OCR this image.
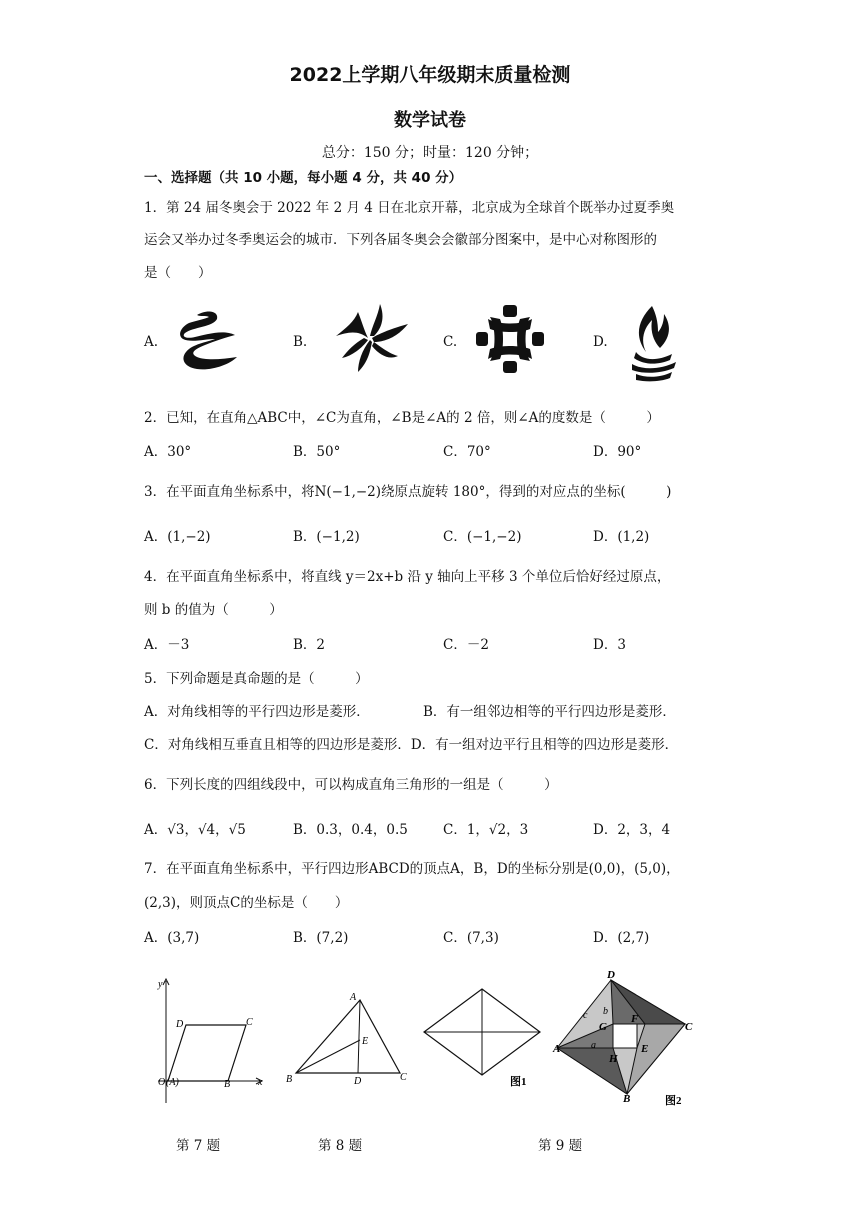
2022上学期八年级期末质量检测
数学试卷
总分：150 分；时量：120 分钟；
一、选择题（共 10 小题，每小题 4 分，共 40 分）
1．第 24 届冬奥会于 2022 年 2 月 4 日在北京开幕，北京成为全球首个既举办过夏季奥
运会又举办过冬季奥运会的城市．下列各届冬奥会会徽部分图案中，是中心对称图形的
是（　　）
A.	B.	C.	D.
2．已知，在直角△ABC中，∠C为直角，∠B是∠A的 2 倍，则∠A的度数是（　　　）
A．30°	B．50°	C．70°	D．90°
3．在平面直角坐标系中，将N(−1,−2)绕原点旋转 180°，得到的对应点的坐标(　　　)
A．(1,−2)	B．(−1,2)	C．(−1,−2)	D．(1,2)
4．在平面直角坐标系中，将直线 y＝2x+b 沿 y 轴向上平移 3 个单位后恰好经过原点，
则 b 的值为（　　　）
A．－3	B．2	C．－2	D．3
5．下列命题是真命题的是（　　　）
A．对角线相等的平行四边形是菱形．	B．有一组邻边相等的平行四边形是菱形．
C．对角线相互垂直且相等的四边形是菱形．D．有一组对边平行且相等的四边形是菱形．
6．下列长度的四组线段中，可以构成直角三角形的一组是（　　　）
A．√3，√4，√5	B．0.3，0.4，0.5	C．1，√2，3	D．2，3，4
7．在平面直角坐标系中，平行四边形ABCD的顶点A，B，D的坐标分别是(0,0)，(5,0)，
(2,3)，则顶点C的坐标是（　　）
A．(3,7)	B．(7,2)	C．(7,3)	D．(2,7)
y
x
O (A)	B
C
D
A
B	C
D
E
图1
D
C
A
B
F
G
H
E
c b
a
图2
第 7 题	第 8 题	第 9 题
